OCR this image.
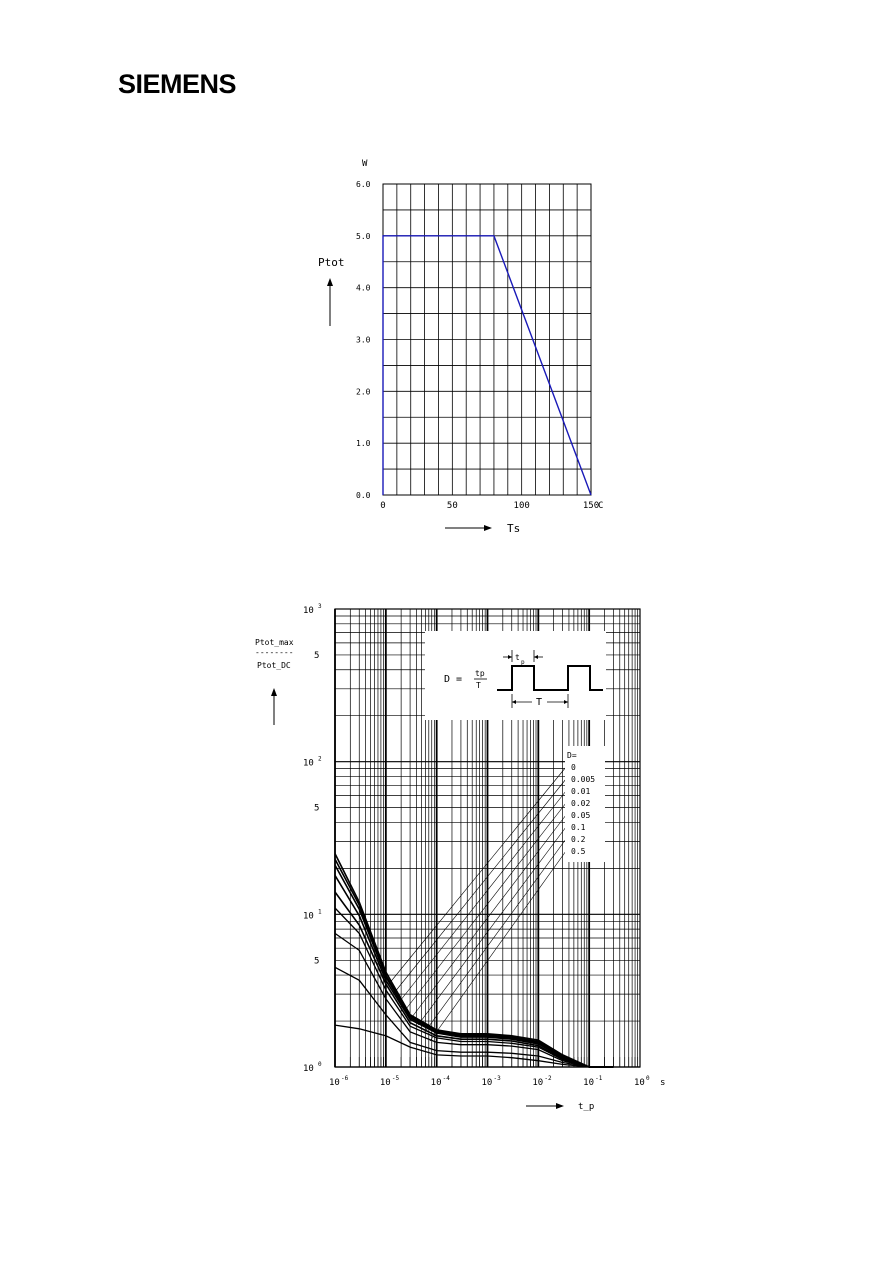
SIEMENS
0.0
1.0
2.0
3.0
4.0
5.0
6.0
0	50	100	150
W
C
Ptot
Ts
10 0
10 1
10 2
10 3
5
5
5
10 -6	10 -5	10 -4	10 -3	10 -2	10 -1	10 0 s
Ptot_max
--------
Ptot_DC
t_p
D =
tp
T
t
p
T
D=
0
0.005
0.01
0.02
0.05
0.1
0.2
0.5
